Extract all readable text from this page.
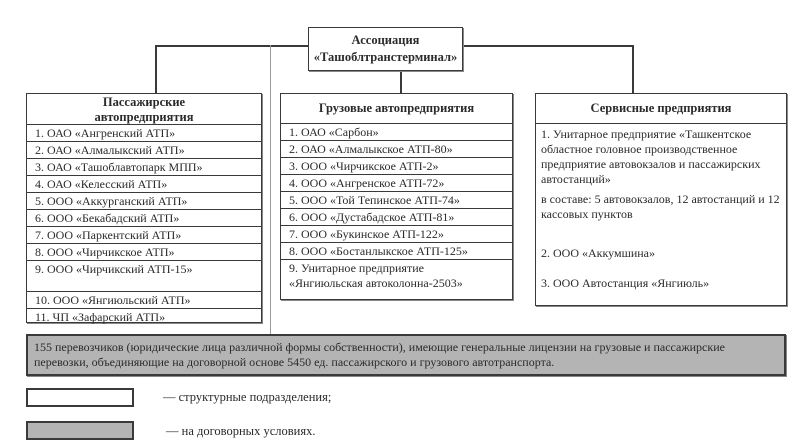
Ассоциация
«Ташоблтранстерминал»
Пассажирские
автопредприятия
1. ОАО «Ангренский АТП»
2. ОАО «Алмалыкский АТП»
3. ОАО «Ташоблавтопарк МПП»
4. ОАО «Келесский АТП»
5. ООО «Аккурганский АТП»
6. ООО «Бекабадский АТП»
7. ООО «Паркентский АТП»
8. ООО «Чирчикское АТП»
9. ООО «Чирчикский АТП-15»
10. ООО «Янгиюльский АТП»
11. ЧП «Зафарский АТП»
Грузовые автопредприятия
1. ОАО «Сарбон»
2. ОАО «Алмалыкское АТП-80»
3. ООО «Чирчикское АТП-2»
4. ООО «Ангренское АТП-72»
5. ООО «Той Тепинское АТП-74»
6. ООО «Дустабадское АТП-81»
7. ООО «Букинское АТП-122»
8. ООО «Бостанлыкское АТП-125»
9. Унитарное предприятие
«Янгиюльская автоколонна-2503»
Сервисные предприятия
1. Унитарное предприятие «Ташкентское областное головное производственное предприятие автовокзалов и пассажирских автостанций»
в составе: 5 автовокзалов, 12 автостанций и 12 кассовых пунктов
2. ООО «Аккумшина»
3. ООО Автостанция «Янгиюль»
155 перевозчиков (юридические лица различной формы собственности), имеющие генеральные лицензии на грузовые и пассажирские перевозки, объединяющие на договорной основе 5450 ед. пассажирского и грузового автотранспорта.
— структурные подразделения;
— на договорных условиях.
